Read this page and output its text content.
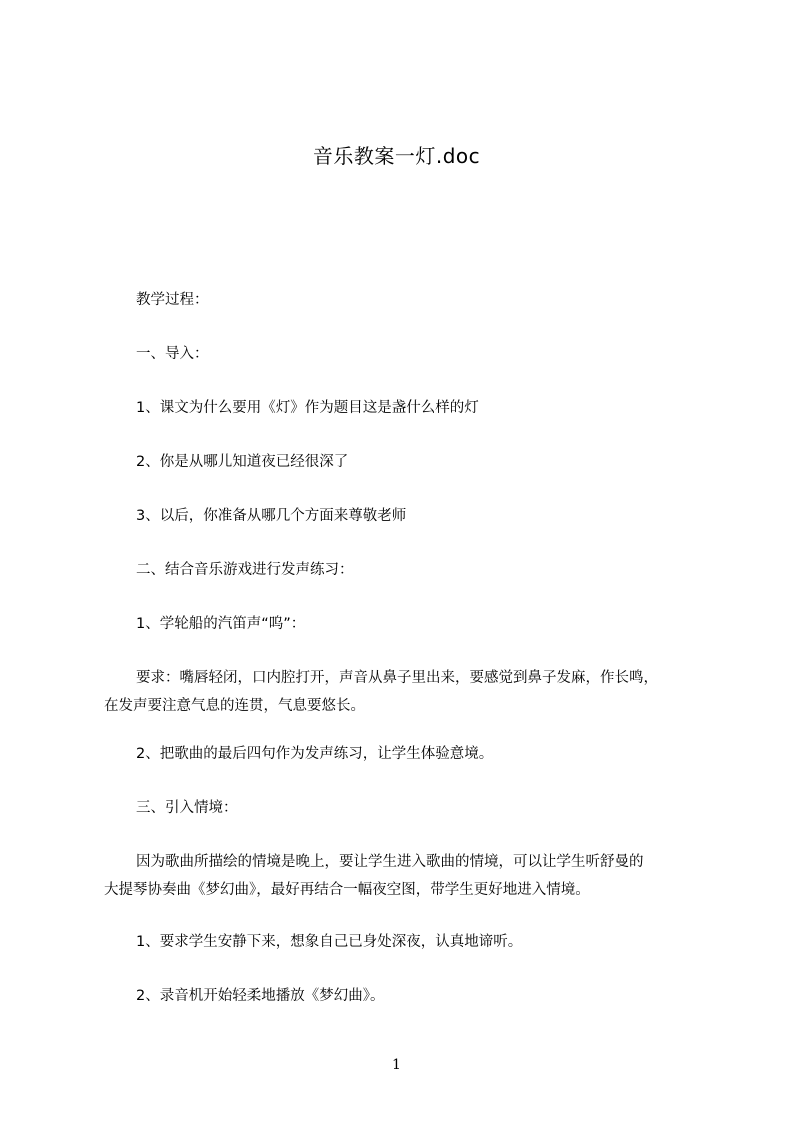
音乐教案一灯.doc
教学过程：
一、导入：
1、课文为什么要用《灯》作为题目这是盏什么样的灯
2、你是从哪儿知道夜已经很深了
3、以后，你准备从哪几个方面来尊敬老师
二、结合音乐游戏进行发声练习：
1、学轮船的汽笛声“呜”：
要求：嘴唇轻闭，口内腔打开，声音从鼻子里出来，要感觉到鼻子发麻，作长鸣，
在发声要注意气息的连贯，气息要悠长。
2、把歌曲的最后四句作为发声练习，让学生体验意境。
三、引入情境：
因为歌曲所描绘的情境是晚上，要让学生进入歌曲的情境，可以让学生听舒曼的
大提琴协奏曲《梦幻曲》，最好再结合一幅夜空图，带学生更好地进入情境。
1、要求学生安静下来，想象自己已身处深夜，认真地谛听。
2、录音机开始轻柔地播放《梦幻曲》。
1
